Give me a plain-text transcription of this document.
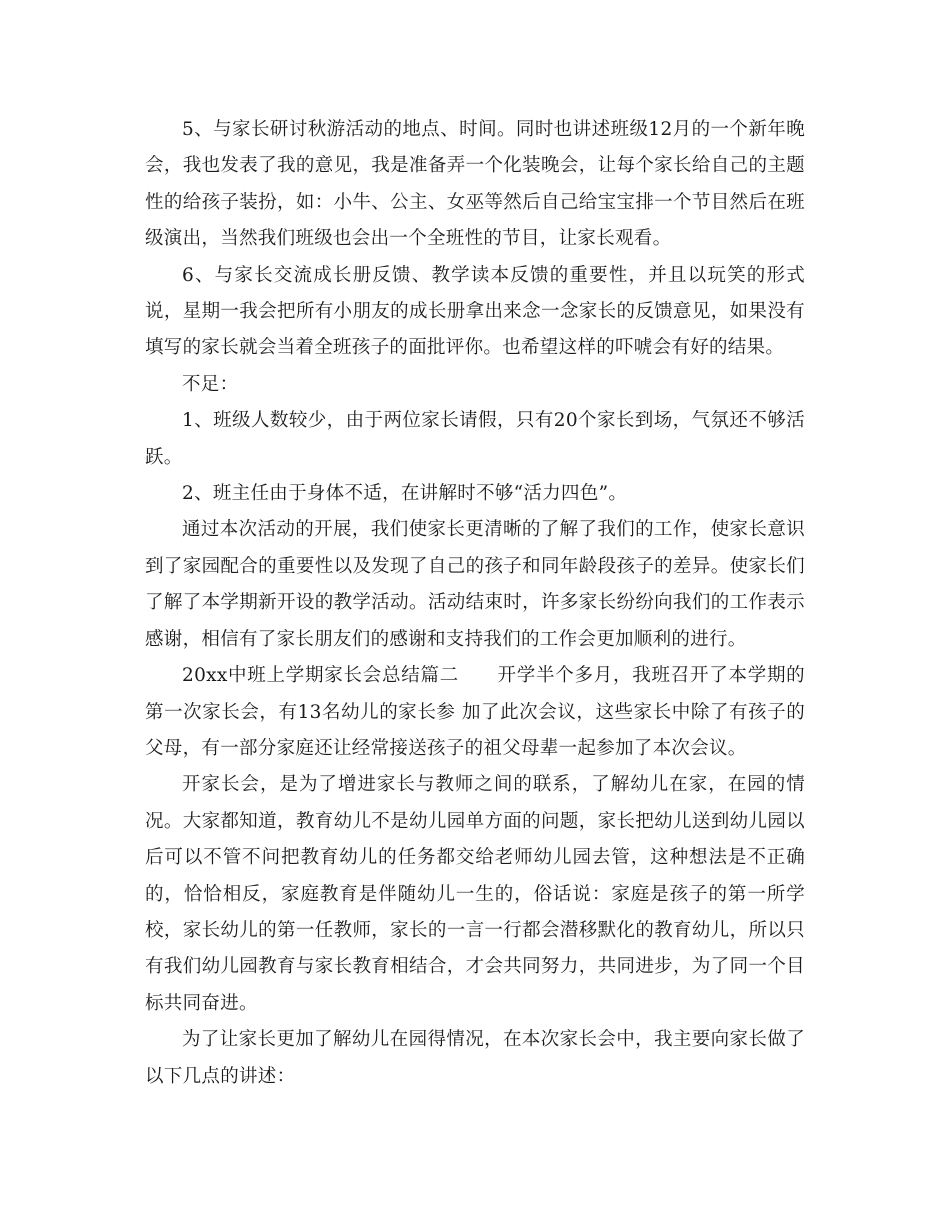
5、与家长研讨秋游活动的地点、时间。同时也讲述班级12月的一个新年晚会，我也发表了我的意见，我是准备弄一个化装晚会，让每个家长给自己的主题性的给孩子装扮，如：小牛、公主、女巫等然后自己给宝宝排一个节目然后在班级演出，当然我们班级也会出一个全班性的节目，让家长观看。

6、与家长交流成长册反馈、教学读本反馈的重要性，并且以玩笑的形式说，星期一我会把所有小朋友的成长册拿出来念一念家长的反馈意见，如果没有填写的家长就会当着全班孩子的面批评你。也希望这样的吓唬会有好的结果。

不足：

1、班级人数较少，由于两位家长请假，只有20个家长到场，气氛还不够活跃。

2、班主任由于身体不适，在讲解时不够“活力四色”。

通过本次活动的开展，我们使家长更清晰的了解了我们的工作，使家长意识到了家园配合的重要性以及发现了自己的孩子和同年龄段孩子的差异。使家长们了解了本学期新开设的教学活动。活动结束时，许多家长纷纷向我们的工作表示感谢，相信有了家长朋友们的感谢和支持我们的工作会更加顺利的进行。

20xx中班上学期家长会总结篇二　　开学半个多月，我班召开了本学期的第一次家长会，有13名幼儿的家长参 加了此次会议，这些家长中除了有孩子的父母，有一部分家庭还让经常接送孩子的祖父母辈一起参加了本次会议。

开家长会，是为了增进家长与教师之间的联系，了解幼儿在家，在园的情况。大家都知道，教育幼儿不是幼儿园单方面的问题，家长把幼儿送到幼儿园以后可以不管不问把教育幼儿的任务都交给老师幼儿园去管，这种想法是不正确的，恰恰相反，家庭教育是伴随幼儿一生的，俗话说：家庭是孩子的第一所学校，家长幼儿的第一任教师，家长的一言一行都会潜移默化的教育幼儿，所以只有我们幼儿园教育与家长教育相结合，才会共同努力，共同进步，为了同一个目标共同奋进。

为了让家长更加了解幼儿在园得情况，在本次家长会中，我主要向家长做了以下几点的讲述：
